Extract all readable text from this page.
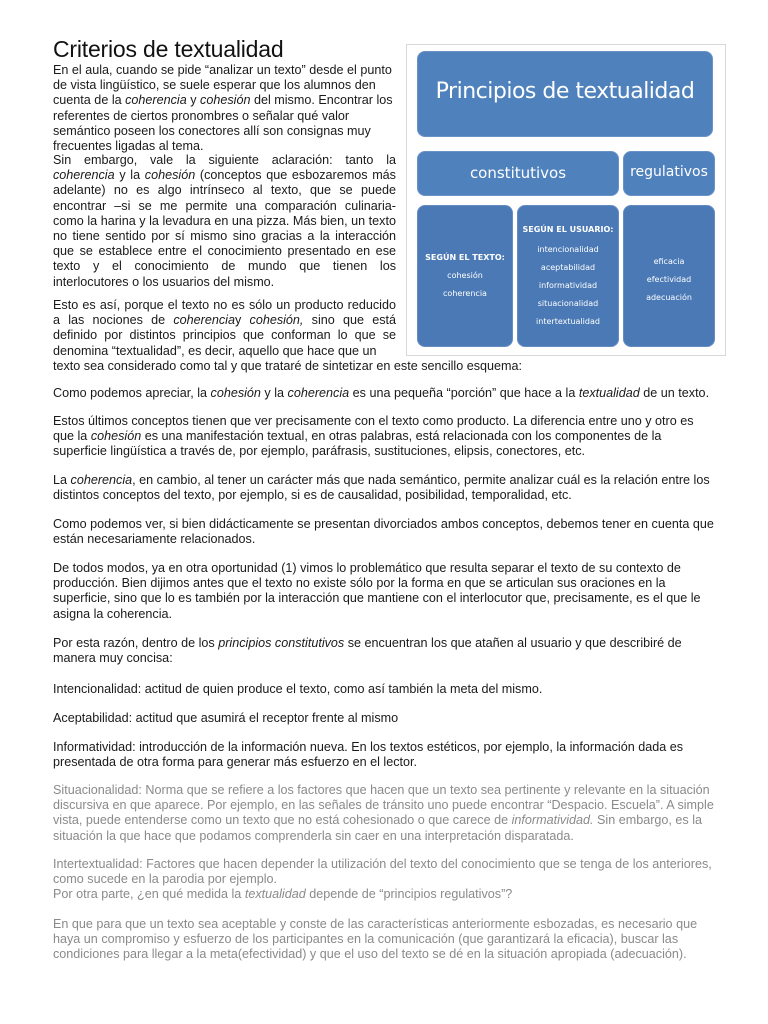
Criterios de textualidad

En el aula, cuando se pide “analizar un texto” desde el punto de vista lingüístico, se suele esperar que los alumnos den cuenta de la coherencia y cohesión del mismo. Encontrar los referentes de ciertos pronombres o señalar qué valor semántico poseen los conectores allí son consignas muy frecuentes ligadas al tema.

Sin embargo, vale la siguiente aclaración: tanto la coherencia y la cohesión (conceptos que esbozaremos más adelante) no es algo intrínseco al texto, que se puede encontrar –si se me permite una comparación culinaria- como la harina y la levadura en una pizza. Más bien, un texto no tiene sentido por sí mismo sino gracias a la interacción que se establece entre el conocimiento presentado en ese texto y el conocimiento de mundo que tienen los interlocutores o los usuarios del mismo.

Esto es así, porque el texto no es sólo un producto reducido a las nociones de coherenciay cohesión, sino que está definido por distintos principios que conforman lo que se denomina “textualidad”, es decir, aquello que hace que un

texto sea considerado como tal y que trataré de sintetizar en este sencillo esquema:

Principios de textualidad
constitutivos	regulativos
SEGÚN EL TEXTO:
cohesión
coherencia
SEGÚN EL USUARIO:
intencionalidad
aceptabilidad
informatividad
situacionalidad
intertextualidad
eficacia
efectividad
adecuación

Como podemos apreciar, la cohesión y la coherencia es una pequeña “porción” que hace a la textualidad de un texto.

Estos últimos conceptos tienen que ver precisamente con el texto como producto. La diferencia entre uno y otro es que la cohesión es una manifestación textual, en otras palabras, está relacionada con los componentes de la superficie lingüística a través de, por ejemplo, paráfrasis, sustituciones, elipsis, conectores, etc.

La coherencia, en cambio, al tener un carácter más que nada semántico, permite analizar cuál es la relación entre los distintos conceptos del texto, por ejemplo, si es de causalidad, posibilidad, temporalidad, etc.

Como podemos ver, si bien didácticamente se presentan divorciados ambos conceptos, debemos tener en cuenta que están necesariamente relacionados.

De todos modos, ya en otra oportunidad (1) vimos lo problemático que resulta separar el texto de su contexto de producción. Bien dijimos antes que el texto no existe sólo por la forma en que se articulan sus oraciones en la superficie, sino que lo es también por la interacción que mantiene con el interlocutor que, precisamente, es el que le asigna la coherencia.

Por esta razón, dentro de los principios constitutivos se encuentran los que atañen al usuario y que describiré de manera muy concisa:

Intencionalidad: actitud de quien produce el texto, como así también la meta del mismo.

Aceptabilidad: actitud que asumirá el receptor frente al mismo

Informatividad: introducción de la información nueva. En los textos estéticos, por ejemplo, la información dada es presentada de otra forma para generar más esfuerzo en el lector.

Situacionalidad: Norma que se refiere a los factores que hacen que un texto sea pertinente y relevante en la situación discursiva en que aparece. Por ejemplo, en las señales de tránsito uno puede encontrar “Despacio. Escuela”. A simple vista, puede entenderse como un texto que no está cohesionado o que carece de informatividad. Sin embargo, es la situación la que hace que podamos comprenderla sin caer en una interpretación disparatada.

Intertextualidad: Factores que hacen depender la utilización del texto del conocimiento que se tenga de los anteriores, como sucede en la parodia por ejemplo.
Por otra parte, ¿en qué medida la textualidad depende de “principios regulativos”?

En que para que un texto sea aceptable y conste de las características anteriormente esbozadas, es necesario que haya un compromiso y esfuerzo de los participantes en la comunicación (que garantizará la eficacia), buscar las condiciones para llegar a la meta(efectividad) y que el uso del texto se dé en la situación apropiada (adecuación).
